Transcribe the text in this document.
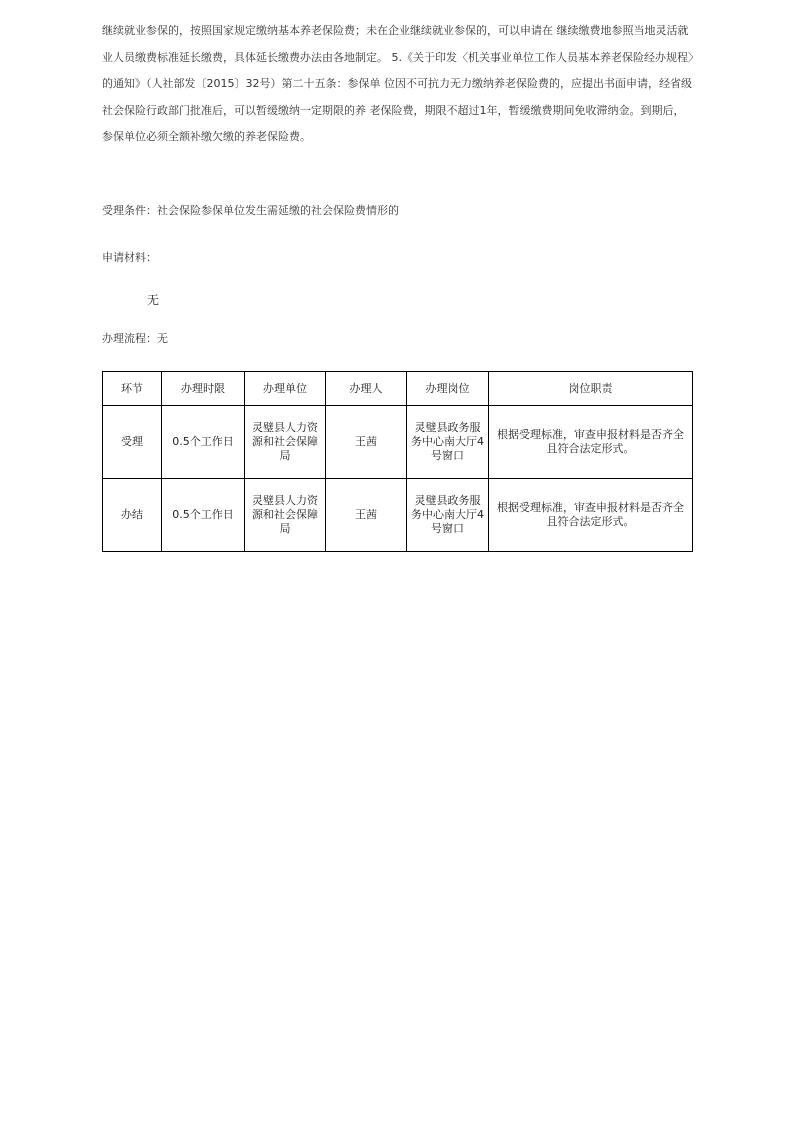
继续就业参保的，按照国家规定缴纳基本养老保险费；未在企业继续就业参保的，可以申请在 继续缴费地参照当地灵活就业人员缴费标准延长缴费，具体延长缴费办法由各地制定。 5.《关于印发〈机关事业单位工作人员基本养老保险经办规程〉的通知》（人社部发〔2015〕32号）第二十五条：参保单 位因不可抗力无力缴纳养老保险费的，应提出书面申请，经省级社会保险行政部门批准后，可以暂缓缴纳一定期限的养 老保险费，期限不超过1年，暂缓缴费期间免收滞纳金。到期后，参保单位必须全额补缴欠缴的养老保险费。

受理条件：社会保险参保单位发生需延缴的社会保险费情形的

申请材料：

无

办理流程：无

环节	办理时限	办理单位	办理人	办理岗位	岗位职责
受理	0.5个工作日	灵璧县人力资源和社会保障局	王茜	灵璧县政务服务中心南大厅4号窗口	根据受理标准，审查申报材料是否齐全且符合法定形式。
办结	0.5个工作日	灵璧县人力资源和社会保障局	王茜	灵璧县政务服务中心南大厅4号窗口	根据受理标准，审查申报材料是否齐全且符合法定形式。
